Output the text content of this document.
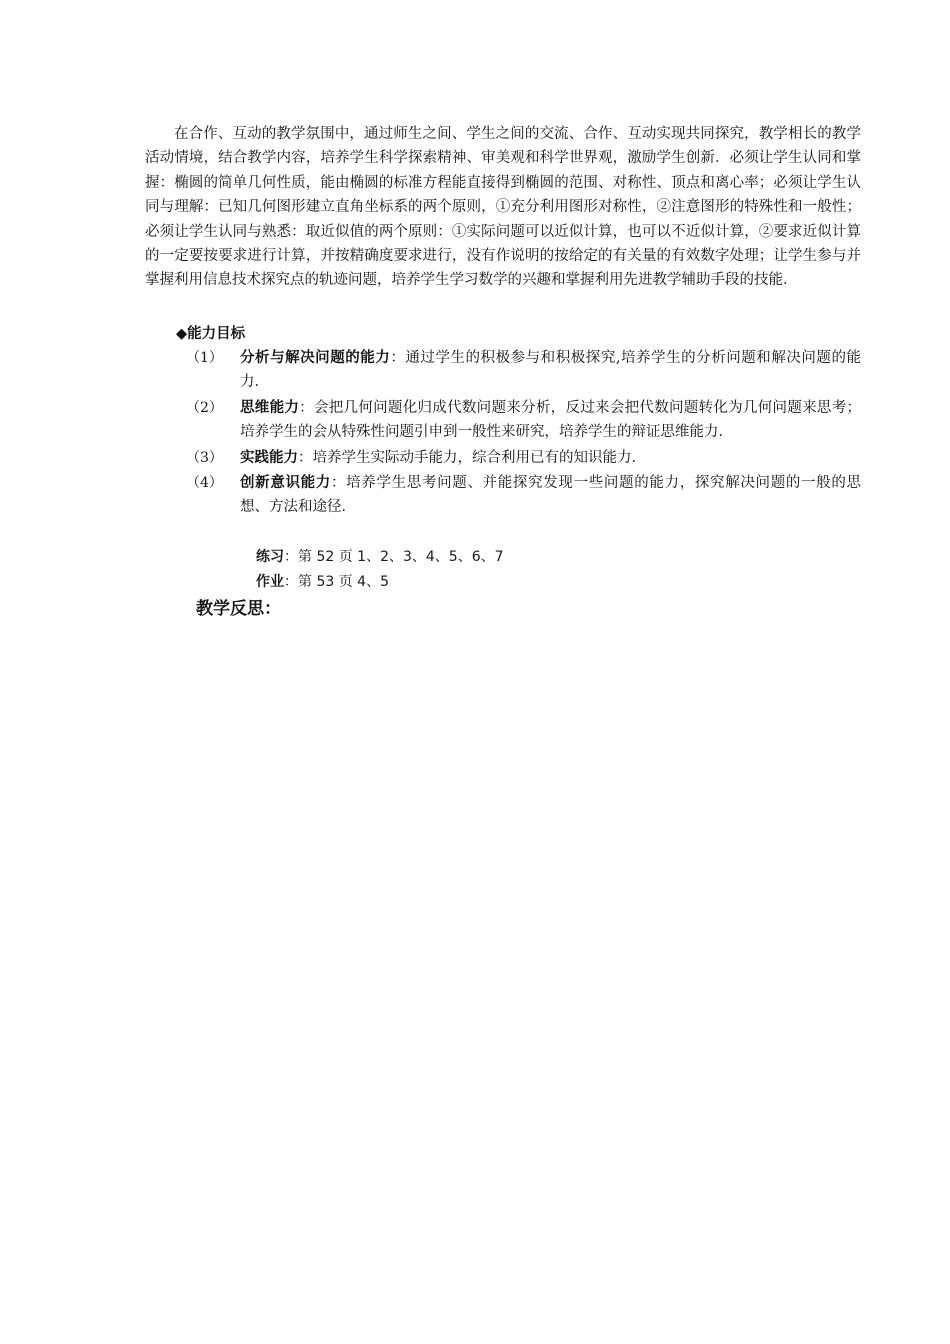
在合作、互动的教学氛围中，通过师生之间、学生之间的交流、合作、互动实现共同探究，教学相长的教学活动情境，结合教学内容，培养学生科学探索精神、审美观和科学世界观，激励学生创新．必须让学生认同和掌握：椭圆的简单几何性质，能由椭圆的标准方程能直接得到椭圆的范围、对称性、顶点和离心率；必须让学生认同与理解：已知几何图形建立直角坐标系的两个原则，①充分利用图形对称性，②注意图形的特殊性和一般性；必须让学生认同与熟悉：取近似值的两个原则：①实际问题可以近似计算，也可以不近似计算，②要求近似计算的一定要按要求进行计算，并按精确度要求进行，没有作说明的按给定的有关量的有效数字处理；让学生参与并掌握利用信息技术探究点的轨迹问题，培养学生学习数学的兴趣和掌握利用先进教学辅助手段的技能．

◆能力目标

（1）	分析与解决问题的能力：通过学生的积极参与和积极探究,培养学生的分析问题和解决问题的能力．
（2）	思维能力：会把几何问题化归成代数问题来分析，反过来会把代数问题转化为几何问题来思考；培养学生的会从特殊性问题引申到一般性来研究，培养学生的辩证思维能力．
（3）	实践能力：培养学生实际动手能力，综合利用已有的知识能力．
（4）	创新意识能力：培养学生思考问题、并能探究发现一些问题的能力，探究解决问题的一般的思想、方法和途径．

练习：第 52 页 1、2、3、4、5、6、7

作业：第 53 页 4、5

教学反思：
